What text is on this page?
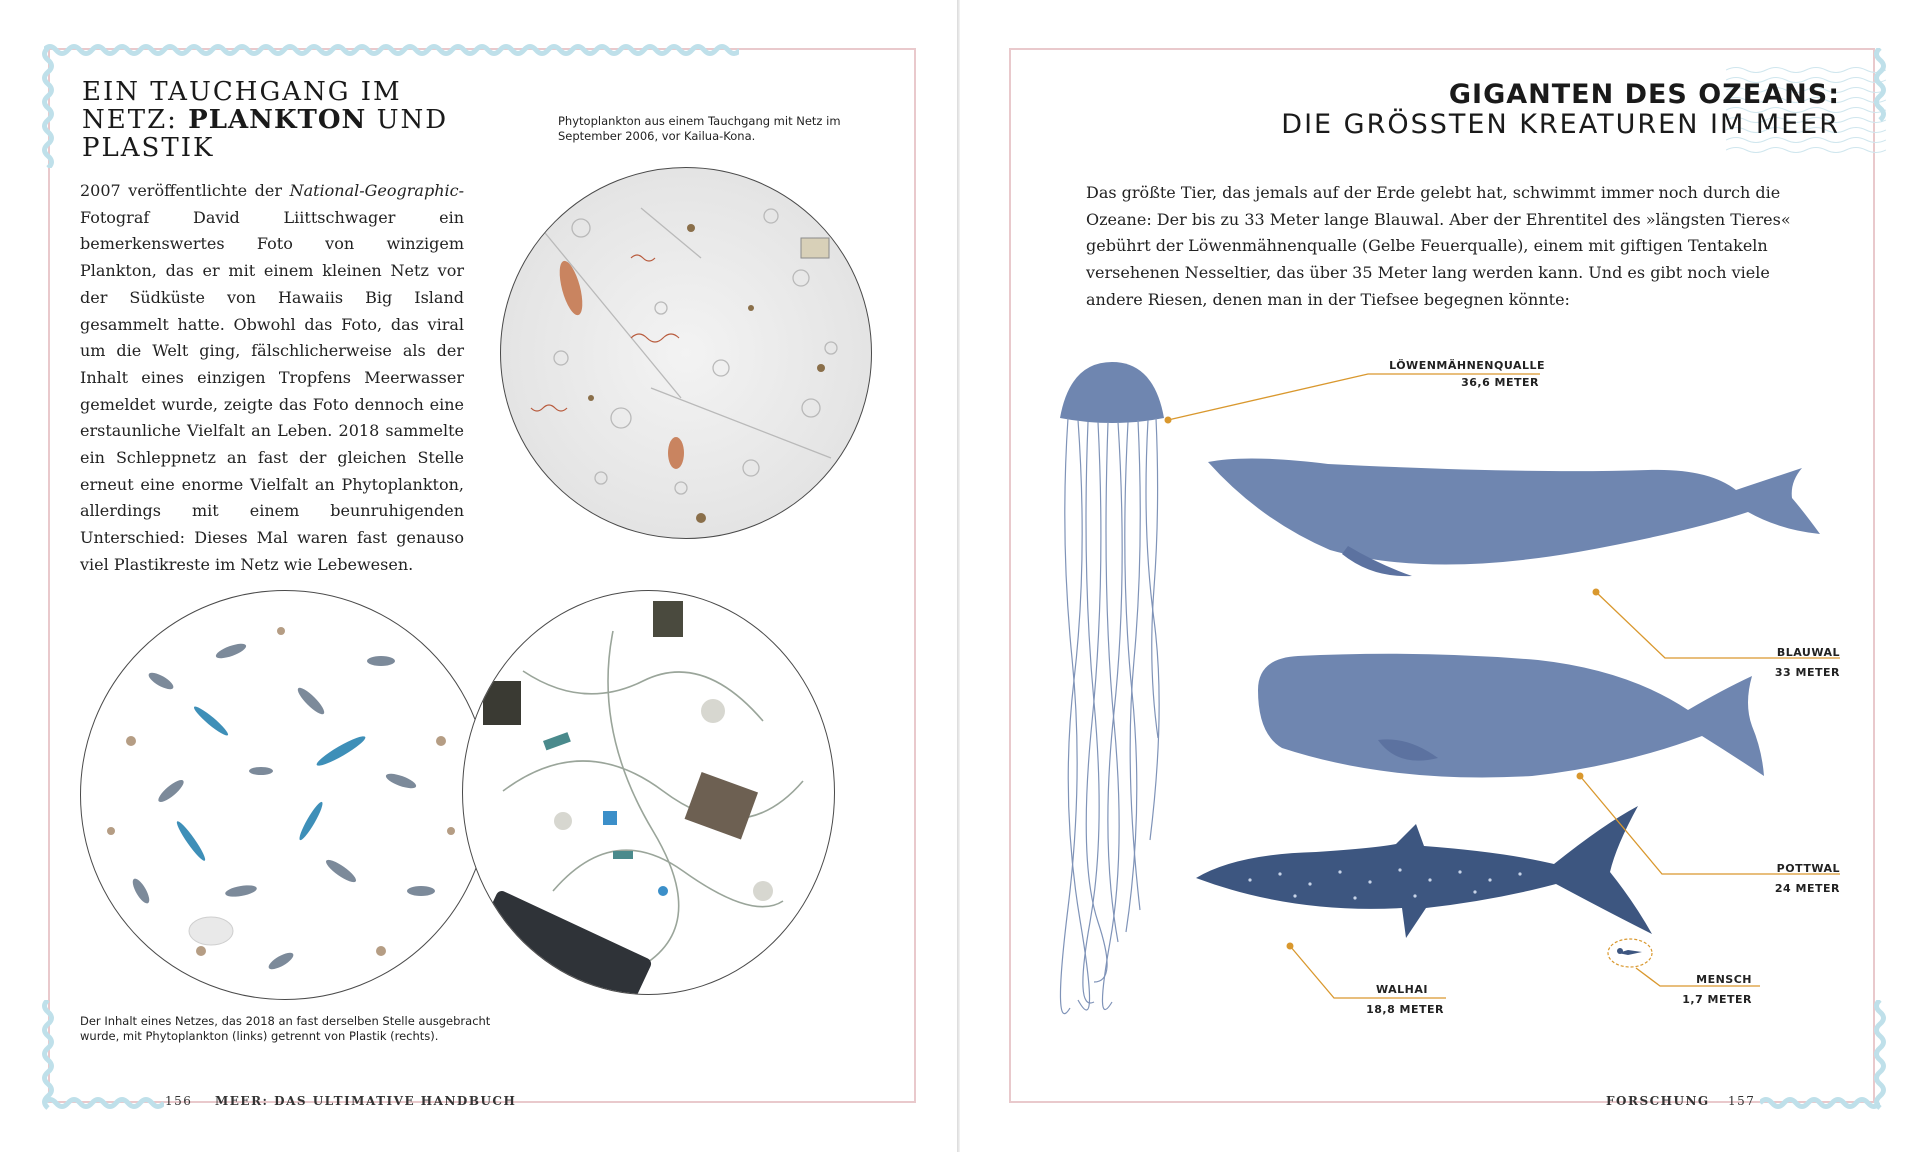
EIN TAUCHGANG IM
NETZ: PLANKTON UND
PLASTIK
Phytoplankton aus einem Tauchgang mit Netz im September 2006, vor Kailua-Kona.

2007 veröffentlichte der National-Geographic- Fotograf David Liittschwager ein bemerkenswertes Foto von winzigem Plankton, das er mit einem kleinen Netz vor der Südküste von Hawaiis Big Island gesammelt hatte. Obwohl das Foto, das viral um die Welt ging, fälschlicherweise als der Inhalt eines einzigen Tropfens Meerwasser gemeldet wurde, zeigte das Foto dennoch eine erstaunliche Vielfalt an Leben. 2018 sammelte ein Schleppnetz an fast der gleichen Stelle erneut eine enorme Vielfalt an Phytoplankton, allerdings mit einem beunruhigenden Unterschied: Dieses Mal waren fast genauso viel Plastikreste im Netz wie Lebewesen.

Der Inhalt eines Netzes, das 2018 an fast derselben Stelle ausgebracht wurde, mit Phytoplankton (links) getrennt von Plastik (rechts).
156 MEER: DAS ULTIMATIVE HANDBUCH
GIGANTEN DES OZEANS:
DIE GRÖSSTEN KREATUREN IM MEER
Das größte Tier, das jemals auf der Erde gelebt hat, schwimmt immer noch durch die Ozeane: Der bis zu 33 Meter lange Blauwal. Aber der Ehrentitel des »längsten Tieres« gebührt der Löwenmähnenqualle (Gelbe Feuerqualle), einem mit giftigen Tentakeln versehenen Nesseltier, das über 35 Meter lang werden kann. Und es gibt noch viele andere Riesen, denen man in der Tiefsee begegnen könnte:
LÖWENMÄHNENQUALLE
36,6 METER
BLAUWAL
33 METER
POTTWAL
24 METER
WALHAI
18,8 METER
MENSCH
1,7 METER
FORSCHUNG 157
